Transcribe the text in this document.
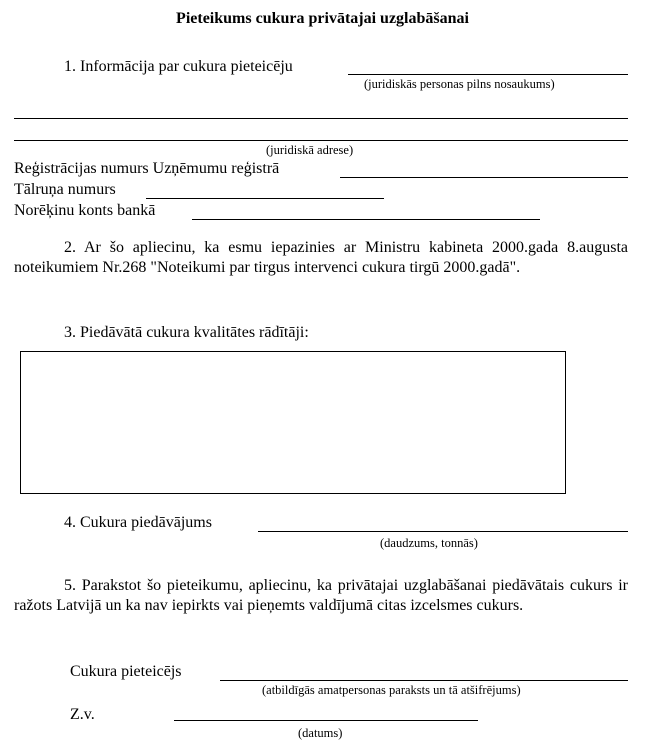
Pieteikums cukura privātajai uzglabāšanai
1. Informācija par cukura pieteicēju
(juridiskās personas pilns nosaukums)
(juridiskā adrese)
Reģistrācijas numurs Uzņēmumu reģistrā
Tālruņa numurs
Norēķinu konts bankā
2. Ar šo apliecinu, ka esmu iepazinies ar Ministru kabineta 2000.gada 8.augusta noteikumiem Nr.268 "Noteikumi par tirgus intervenci cukura tirgū 2000.gadā".
3. Piedāvātā cukura kvalitātes rādītāji:
4. Cukura piedāvājums
(daudzums, tonnās)
5. Parakstot šo pieteikumu, apliecinu, ka privātajai uzglabāšanai piedāvātais cukurs ir ražots Latvijā un ka nav iepirkts vai pieņemts valdījumā citas izcelsmes cukurs.
Cukura pieteicējs
(atbildīgās amatpersonas paraksts un tā atšifrējums)
Z.v.
(datums)
